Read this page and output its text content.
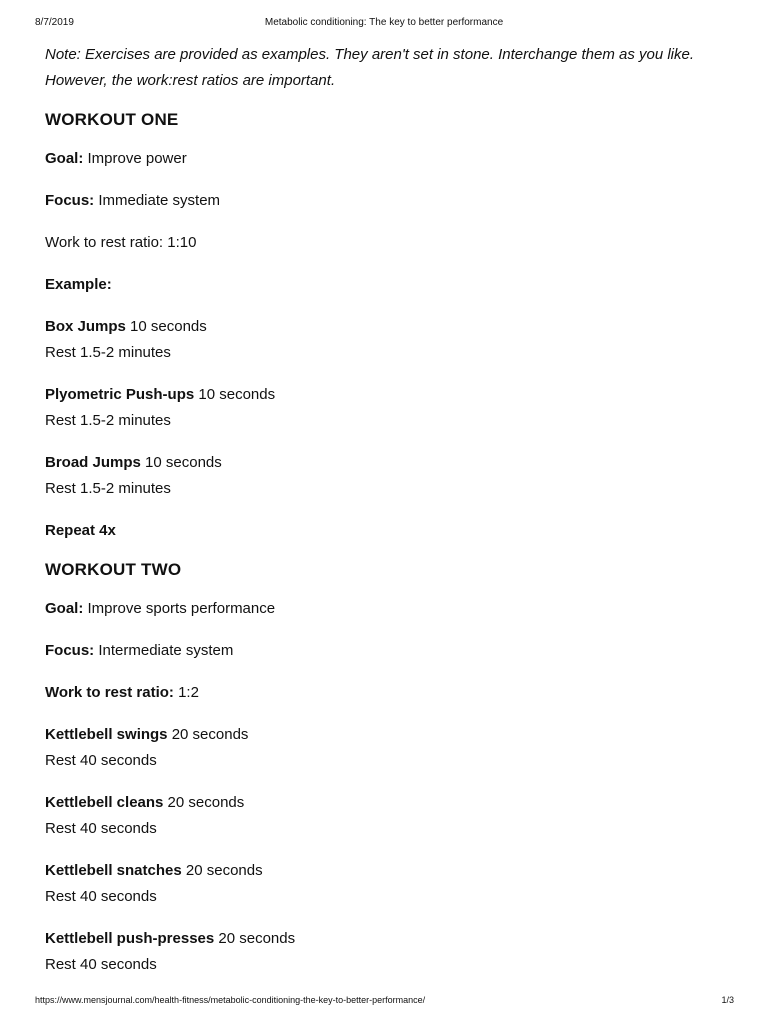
8/7/2019	Metabolic conditioning: The key to better performance

Note: Exercises are provided as examples. They aren't set in stone. Interchange them as you like.

However, the work:rest ratios are important.

WORKOUT ONE

Goal: Improve power

Focus: Immediate system

Work to rest ratio: 1:10

Example:

Box Jumps 10 seconds

Rest 1.5-2 minutes

Plyometric Push-ups 10 seconds

Rest 1.5-2 minutes

Broad Jumps 10 seconds

Rest 1.5-2 minutes

Repeat 4x

WORKOUT TWO

Goal: Improve sports performance

Focus: Intermediate system

Work to rest ratio: 1:2

Kettlebell swings 20 seconds

Rest 40 seconds

Kettlebell cleans 20 seconds

Rest 40 seconds

Kettlebell snatches 20 seconds

Rest 40 seconds

Kettlebell push-presses 20 seconds

Rest 40 seconds

https://www.mensjournal.com/health-fitness/metabolic-conditioning-the-key-to-better-performance/	1/3
